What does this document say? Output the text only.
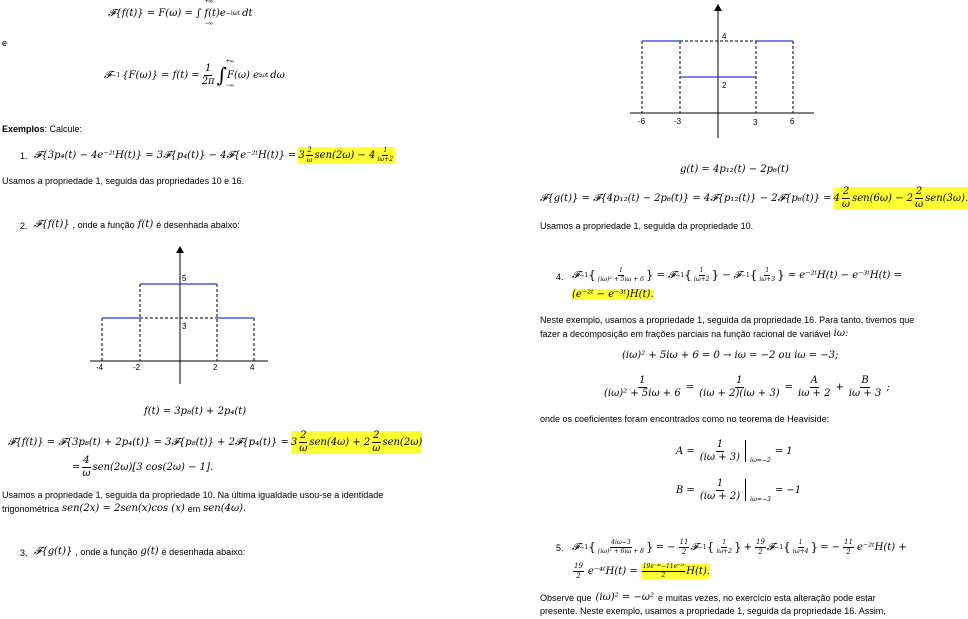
𝓕{f(t)} = F(ω) = ∫ f(t)e −iωt dt
+∞
−∞
e
𝓕 −1 $\{F(\omega)\} = f(t) = \frac{1}{2\pi}$ ∫ F(ω) e iωt dω
+∞
−∞
Exemplos: Calcule:
1. 𝓕{3p₄(t) − 4e⁻²ᵗH(t)} = 3𝓕{p₄(t)} − 4𝓕{e⁻²ᵗH(t)} = $3 \frac{2}{\omega} sen(2\omega) - 4 \frac{1}{i\omega+2}$
Usamos a propriedade 1, seguida das propriedades 10 e 16.
2. 𝓕{f(t)} , onde a função f(t) é desenhada abaixo:
5
3
-4	-2	2	4
f(t) = 3p₈(t) + 2p₄(t)
𝓕{f(t)} = 𝓕{3p₈(t) + 2p₄(t)} = 3𝓕{p₈(t)} + 2𝓕{p₄(t)} = $3 \frac{2}{\omega} sen(4\omega) + 2 \frac{2}{\omega} sen(2\omega)$
= $\frac{4}{\omega} sen(2\omega)[3$ cos(2ω) − 1].
Usamos a propriedade 1, seguida da propriedade 10. Na última igualdade usou-se a identidade
trigonométrica sen(2x) = 2sen(x)cos (x) em sen(4ω).
3. 𝓕{g(t)} , onde a função g(t) é desenhada abaixo:
4
2
-6	-3	3	6
g(t) = 4p₁₂(t) − 2p₆(t)
𝓕{g(t)} = 𝓕{4p₁₂(t) − 2p₆(t)} = 4𝓕{p₁₂(t)} − 2𝓕{p₆(t)} = $4 \frac{2}{\omega} sen(6\omega) - 2 \frac{2}{\omega} sen(3\omega)$.
Usamos a propriedade 1, seguida da propriedade 10.
4. 𝓕 −1 { $\frac{1}{\text{(iω)² + 5iω + 6}}$ } = 𝓕 −1 { $\frac{1}{i\omega+2}$ } − 𝓕 −1 { $\frac{1}{i\omega+3}$ } = e⁻²ᵗH(t) − e⁻³ᵗH(t) =
(e⁻²ᵗ − e⁻³ᵗ)H(t).
Neste exemplo, usamos a propriedade 1, seguida da propriedade 16. Para tanto, tivemos que
fazer a decomposição em frações parciais na função racional de variável iω:
(iω)² + 5iω + 6 = 0 → iω = −2 ou iω = −3;
$\frac{1}{\text{(iω)² + 5iω + 6}} = \frac{1}{(i\omega + 2)(i\omega + 3)} = \frac{A}{i\omega + 2} + \frac{B}{i\omega + 3}$ ;
onde os coeficientes foram encontrados como no teorema de Heaviside:
$A = \frac{1}{(i\omega + 3)} i\omega=-2$
= 1
$B = \frac{1}{(i\omega + 2)} i\omega=-3$
= −1
5. 𝓕 −1 { $\frac{4i\omega-3}{\text{(iω)² + 6iω + 8}}$ } = − $\frac{11}{2}$ 𝓕 −1 { $\frac{1}{i\omega+2}$ } + $\frac{19}{2}$ 𝓕 −1 { $\frac{1}{i\omega+4}$ } = − $\frac{11}{2}$ e⁻²ᵗH(t) +
$\frac{19}{2}$ e⁻⁴ᵗH(t) = $\frac{\text{19e⁻⁴ᵗ−11e⁻²ᵗ}}{2} H(t)$.
Observe que (iω)² = −ω² e muitas vezes, no exercício esta alteração pode estar
presente. Neste exemplo, usamos a propriedade 1, seguida da propriedade 16. Assim,
